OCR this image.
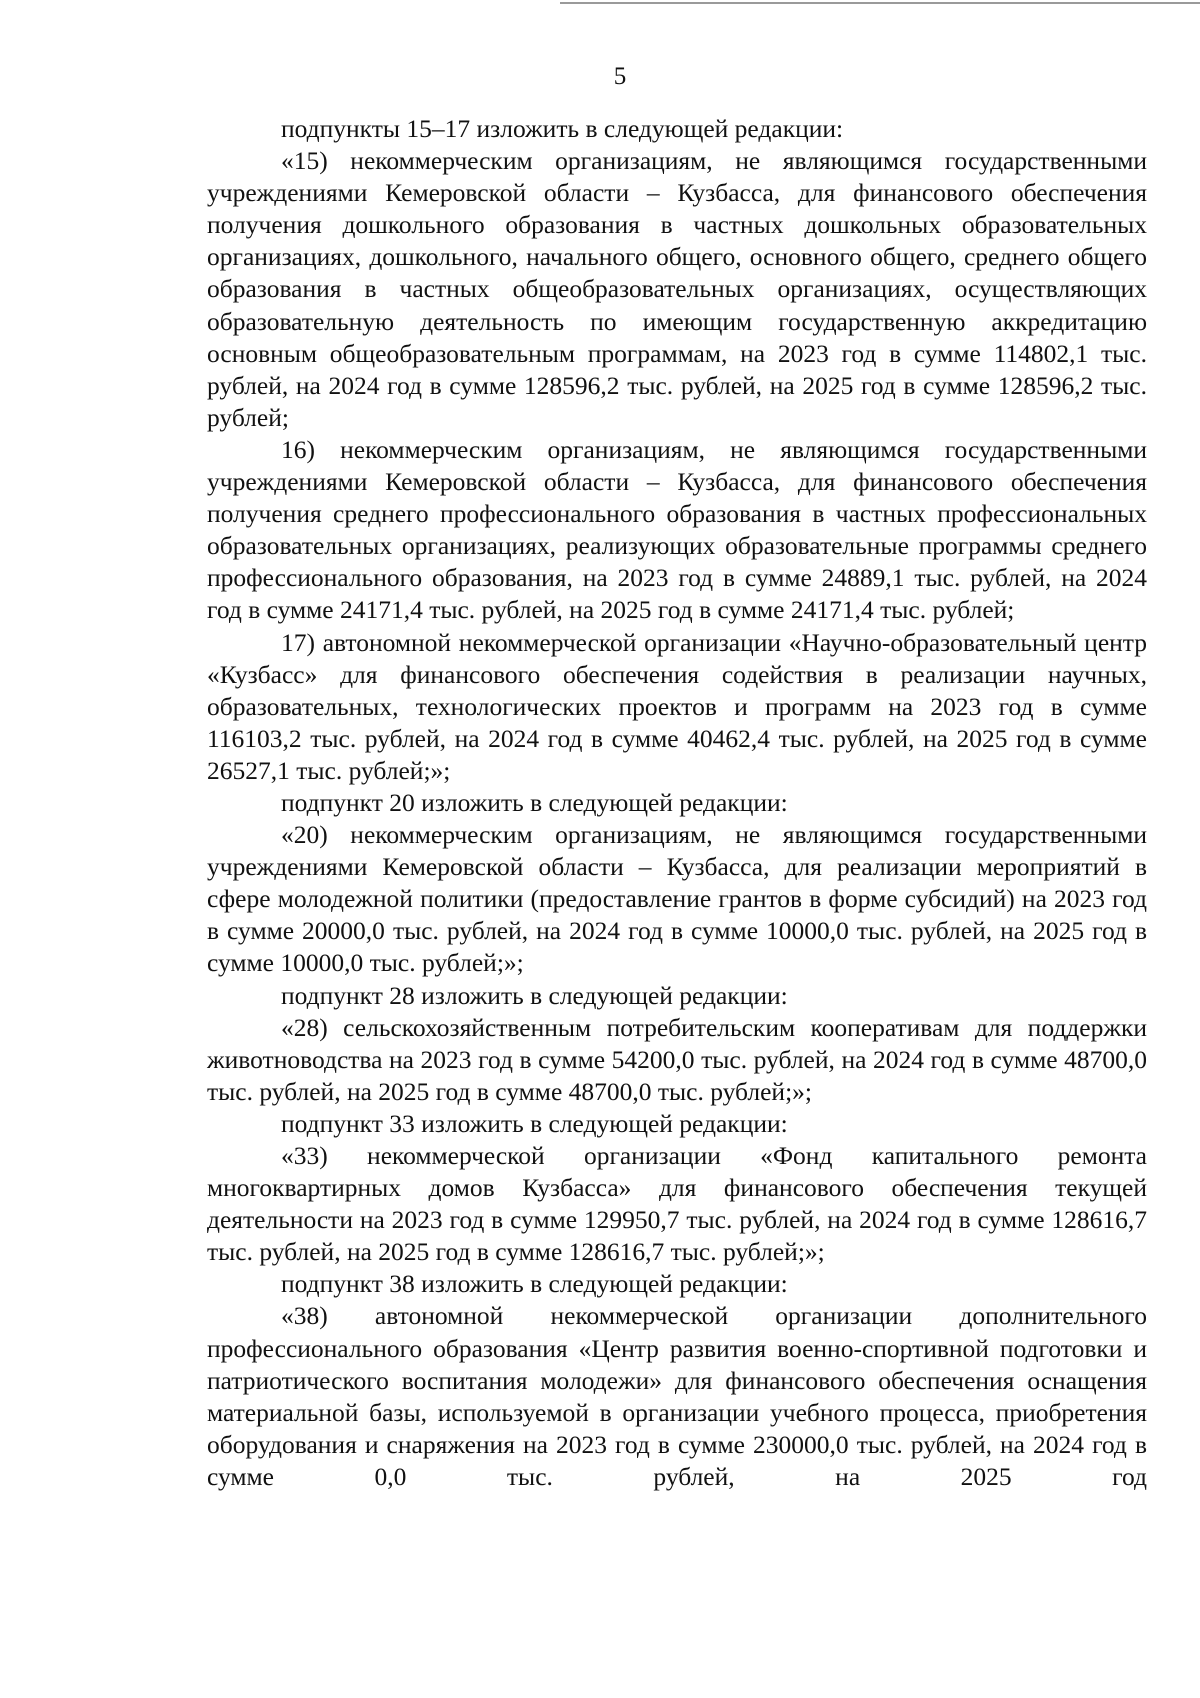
5

подпункты 15–17 изложить в следующей редакции:

«15) некоммерческим организациям, не являющимся государственными учреждениями Кемеровской области – Кузбасса, для финансового обеспечения получения дошкольного образования в частных дошкольных образовательных организациях, дошкольного, начального общего, основного общего, среднего общего образования в частных общеобразовательных организациях, осуществляющих образовательную деятельность по имеющим государственную аккредитацию основным общеобразовательным программам, на 2023 год в сумме 114802,1 тыс. рублей, на 2024 год в сумме 128596,2 тыс. рублей, на 2025 год в сумме 128596,2 тыс. рублей;

16) некоммерческим организациям, не являющимся государственными учреждениями Кемеровской области – Кузбасса, для финансового обеспечения получения среднего профессионального образования в частных профессиональных образовательных организациях, реализующих образовательные программы среднего профессионального образования, на 2023 год в сумме 24889,1 тыс. рублей, на 2024 год в сумме 24171,4 тыс. рублей, на 2025 год в сумме 24171,4 тыс. рублей;

17) автономной некоммерческой организации «Научно-образовательный центр «Кузбасс» для финансового обеспечения содействия в реализации научных, образовательных, технологических проектов и программ на 2023 год в сумме 116103,2 тыс. рублей, на 2024 год в сумме 40462,4 тыс. рублей, на 2025 год в сумме 26527,1 тыс. рублей;»;

подпункт 20 изложить в следующей редакции:

«20) некоммерческим организациям, не являющимся государственными учреждениями Кемеровской области – Кузбасса, для реализации мероприятий в сфере молодежной политики (предоставление грантов в форме субсидий) на 2023 год в сумме 20000,0 тыс. рублей, на 2024 год в сумме 10000,0 тыс. рублей, на 2025 год в сумме 10000,0 тыс. рублей;»;

подпункт 28 изложить в следующей редакции:

«28) сельскохозяйственным потребительским кооперативам для поддержки животноводства на 2023 год в сумме 54200,0 тыс. рублей, на 2024 год в сумме 48700,0 тыс. рублей, на 2025 год в сумме 48700,0 тыс. рублей;»;

подпункт 33 изложить в следующей редакции:

«33) некоммерческой организации «Фонд капитального ремонта многоквартирных домов Кузбасса» для финансового обеспечения текущей деятельности на 2023 год в сумме 129950,7 тыс. рублей, на 2024 год в сумме 128616,7 тыс. рублей, на 2025 год в сумме 128616,7 тыс. рублей;»;

подпункт 38 изложить в следующей редакции:

«38) автономной некоммерческой организации дополнительного профессионального образования «Центр развития военно-спортивной подготовки и патриотического воспитания молодежи» для финансового обеспечения оснащения материальной базы, используемой в организации учебного процесса, приобретения оборудования и снаряжения на 2023 год в сумме 230000,0 тыс. рублей, на 2024 год в сумме 0,0 тыс. рублей, на 2025 год
